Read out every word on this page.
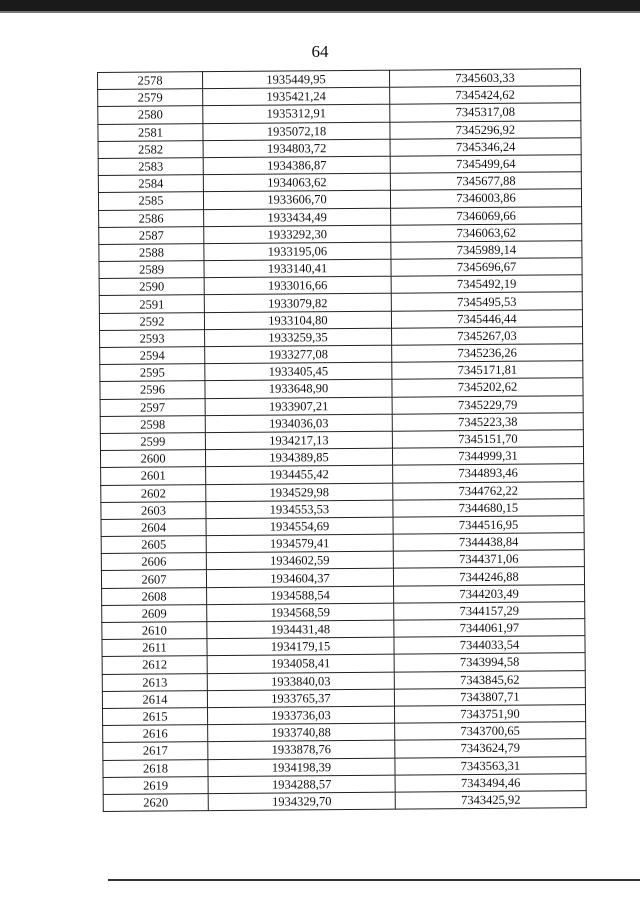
64
2578	1935449,95	7345603,33
2579	1935421,24	7345424,62
2580	1935312,91	7345317,08
2581	1935072,18	7345296,92
2582	1934803,72	7345346,24
2583	1934386,87	7345499,64
2584	1934063,62	7345677,88
2585	1933606,70	7346003,86
2586	1933434,49	7346069,66
2587	1933292,30	7346063,62
2588	1933195,06	7345989,14
2589	1933140,41	7345696,67
2590	1933016,66	7345492,19
2591	1933079,82	7345495,53
2592	1933104,80	7345446,44
2593	1933259,35	7345267,03
2594	1933277,08	7345236,26
2595	1933405,45	7345171,81
2596	1933648,90	7345202,62
2597	1933907,21	7345229,79
2598	1934036,03	7345223,38
2599	1934217,13	7345151,70
2600	1934389,85	7344999,31
2601	1934455,42	7344893,46
2602	1934529,98	7344762,22
2603	1934553,53	7344680,15
2604	1934554,69	7344516,95
2605	1934579,41	7344438,84
2606	1934602,59	7344371,06
2607	1934604,37	7344246,88
2608	1934588,54	7344203,49
2609	1934568,59	7344157,29
2610	1934431,48	7344061,97
2611	1934179,15	7344033,54
2612	1934058,41	7343994,58
2613	1933840,03	7343845,62
2614	1933765,37	7343807,71
2615	1933736,03	7343751,90
2616	1933740,88	7343700,65
2617	1933878,76	7343624,79
2618	1934198,39	7343563,31
2619	1934288,57	7343494,46
2620	1934329,70	7343425,92
